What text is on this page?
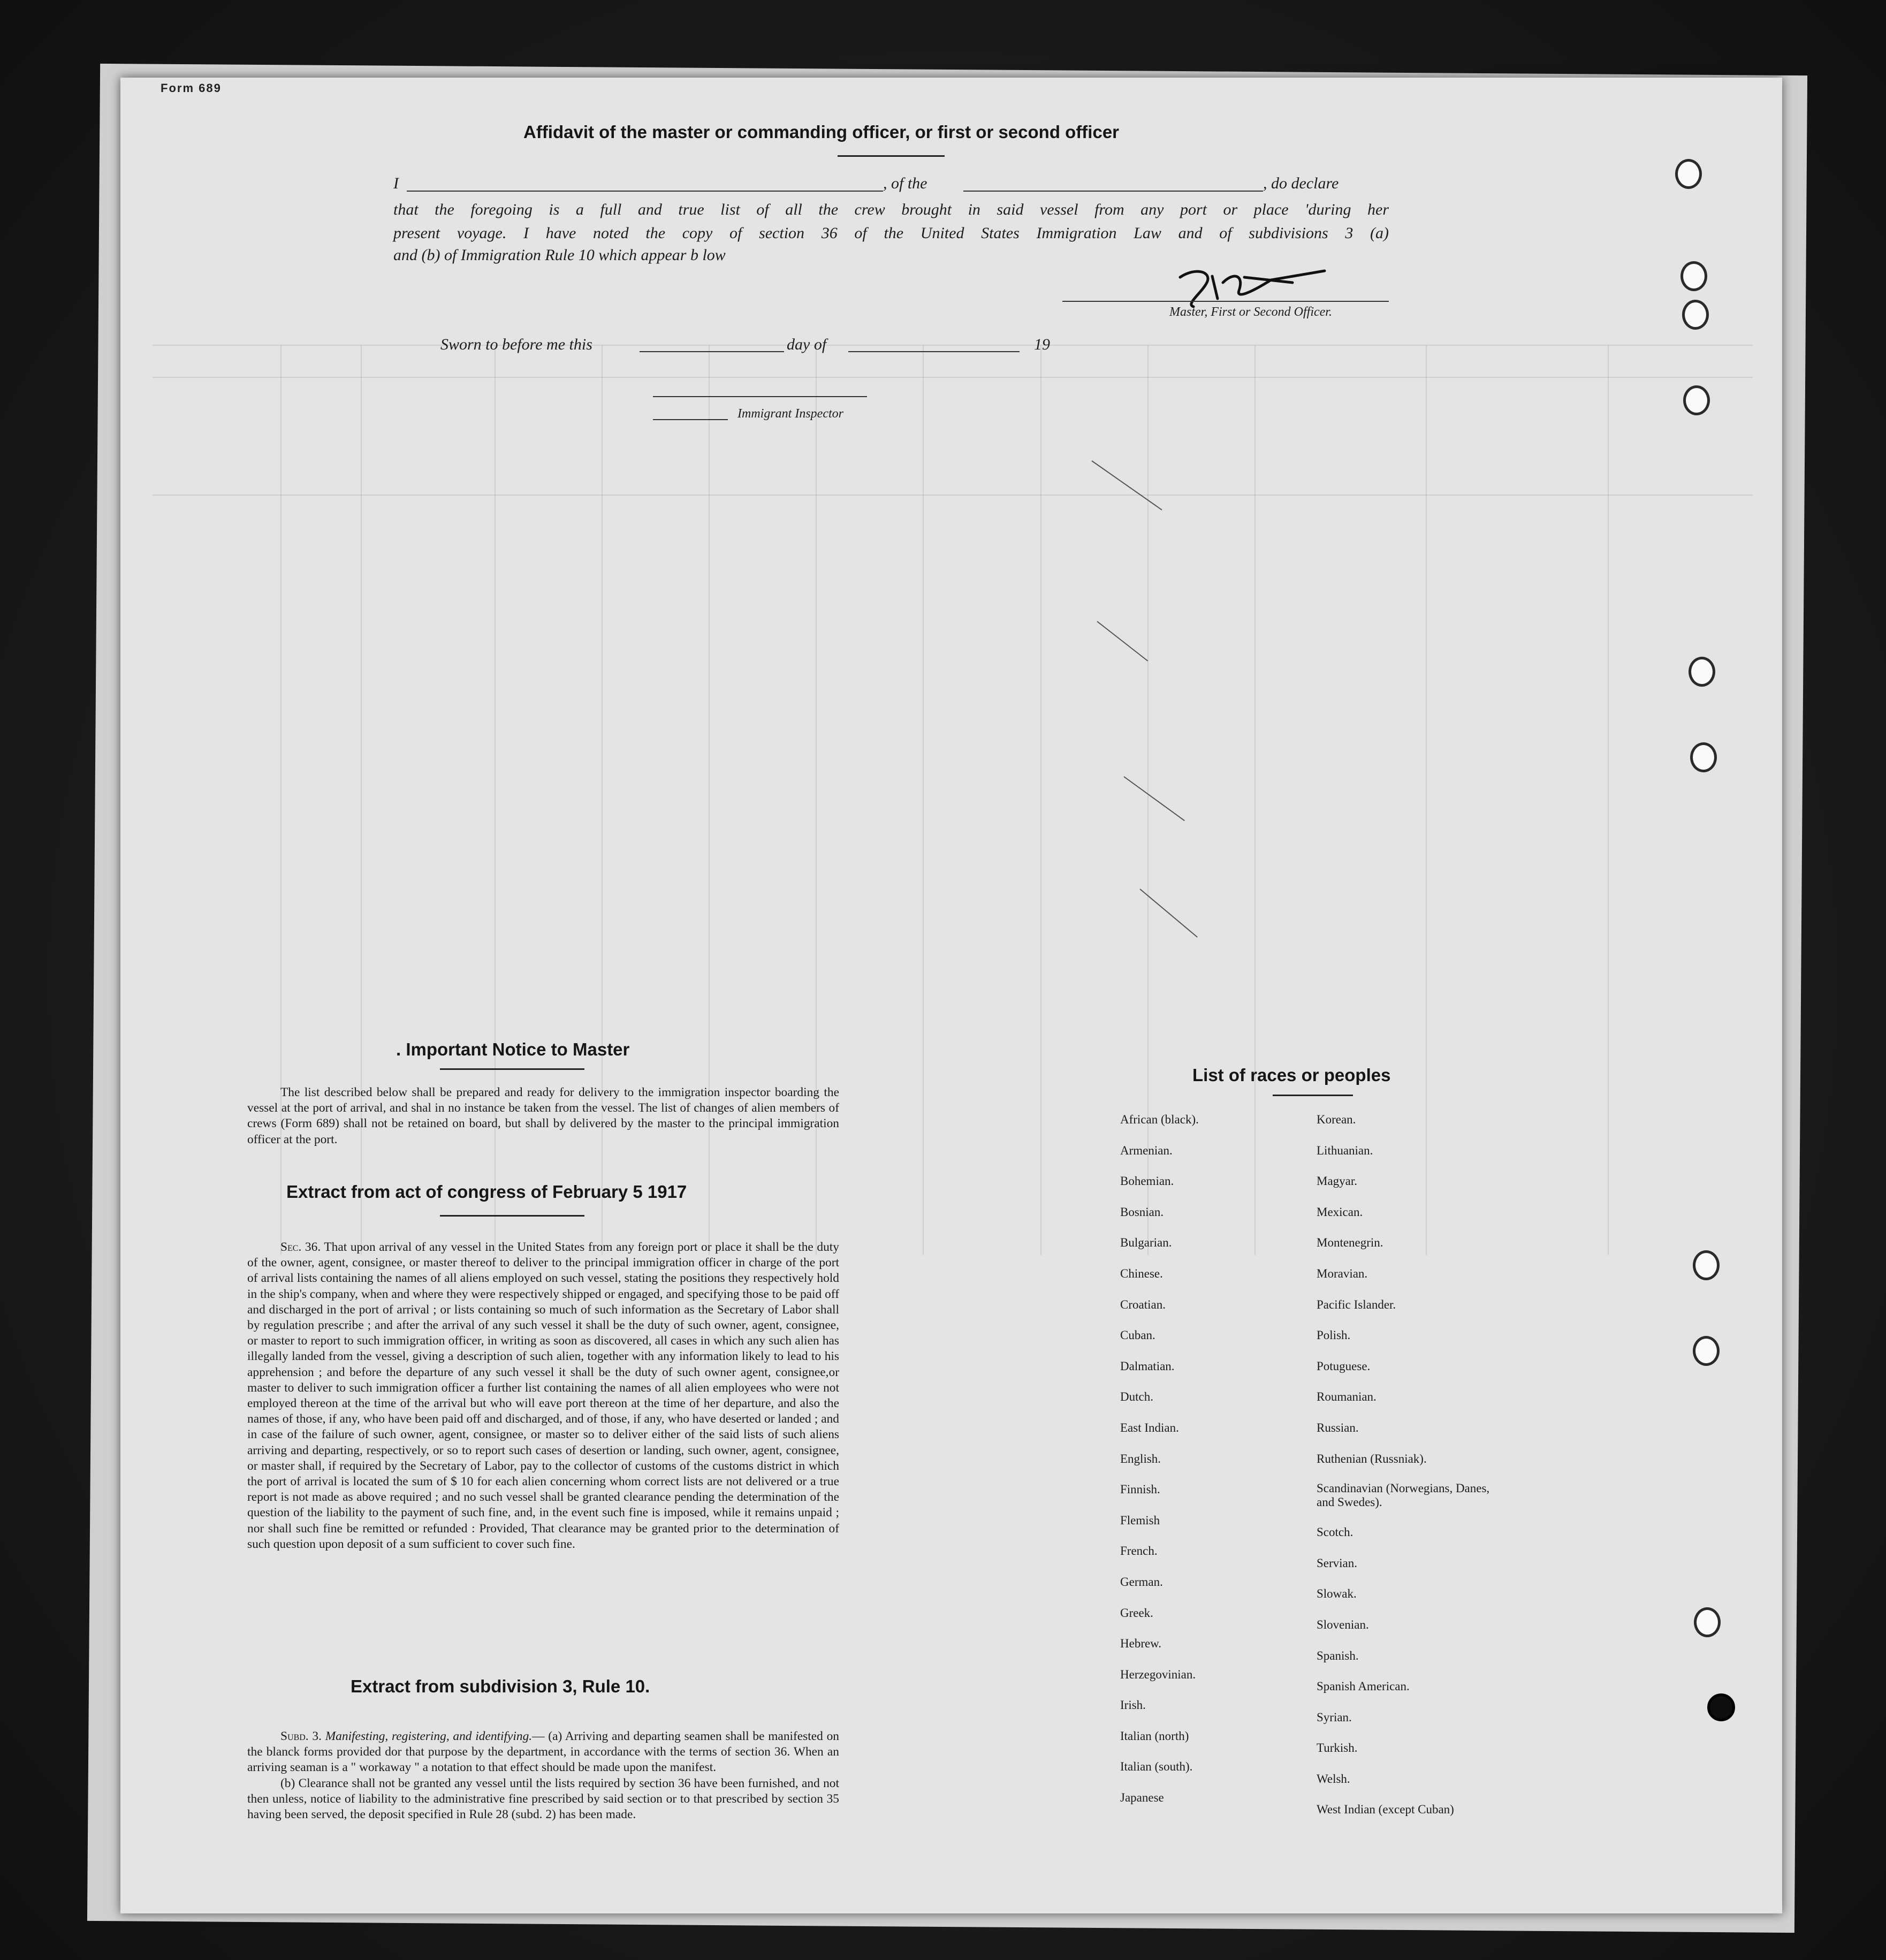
Form 689
Affidavit of the master or commanding officer, or first or second officer
I	, of the	, do declare
that the foregoing is a full and true list of all the crew brought in said vessel from any port or place 'during her
present voyage. I have noted the copy of section 36 of the United States Immigration Law and of subdivisions 3 (a)
and (b) of Immigration Rule 10 which appear b low
Master, First or Second Officer.
Sworn to before me this	day of	19
Immigrant Inspector
. Important Notice to Master

The list described below shall be prepared and ready for delivery to the immigration inspector boarding the vessel at the port of arrival, and shal in no instance be taken from the vessel. The list of changes of alien members of crews (Form 689) shall not be retained on board, but shall by delivered by the master to the principal immigration officer at the port.

Extract from act of congress of February 5 1917

Sec. 36. That upon arrival of any vessel in the United States from any foreign port or place it shall be the duty of the owner, agent, consignee, or master thereof to deliver to the principal immigration officer in charge of the port of arrival lists containing the names of all aliens employed on such vessel, stating the positions they respectively hold in the ship's company, when and where they were respectively shipped or engaged, and specifying those to be paid off and discharged in the port of arrival ; or lists containing so much of such information as the Secretary of Labor shall by regulation prescribe ; and after the arrival of any such vessel it shall be the duty of such owner, agent, consignee, or master to report to such immigration officer, in writing as soon as discovered, all cases in which any such alien has illegally landed from the vessel, giving a description of such alien, together with any information likely to lead to his apprehension ; and before the departure of any such vessel it shall be the duty of such owner agent, consignee,or master to deliver to such immigration officer a further list containing the names of all alien employees who were not employed thereon at the time of the arrival but who will eave port thereon at the time of her departure, and also the names of those, if any, who have been paid off and discharged, and of those, if any, who have deserted or landed ; and in case of the failure of such owner, agent, consignee, or master so to deliver either of the said lists of such aliens arriving and departing, respectively, or so to report such cases of desertion or landing, such owner, agent, consignee, or master shall, if required by the Secretary of Labor, pay to the collector of customs of the customs district in which the port of arrival is located the sum of $ 10 for each alien concerning whom correct lists are not delivered or a true report is not made as above required ; and no such vessel shall be granted clearance pending the determination of the question of the liability to the payment of such fine, and, in the event such fine is imposed, while it remains unpaid ; nor shall such fine be remitted or refunded : Provided, That clearance may be granted prior to the determination of such question upon deposit of a sum sufficient to cover such fine.

Extract from subdivision 3, Rule 10.

Subd. 3. Manifesting, registering, and identifying.— (a) Arriving and departing seamen shall be manifested on the blanck forms provided dor that purpose by the department, in accordance with the terms of section 36. When an arriving seaman is a " workaway " a notation to that effect should be made upon the manifest.

(b) Clearance shall not be granted any vessel until the lists required by section 36 have been furnished, and not then unless, notice of liability to the administrative fine prescribed by said section or to that prescribed by section 35 having been served, the deposit specified in Rule 28 (subd. 2) has been made.

List of races or peoples
African (black).
Armenian.
Bohemian.
Bosnian.
Bulgarian.
Chinese.
Croatian.
Cuban.
Dalmatian.
Dutch.
East Indian.
English.
Finnish.
Flemish
French.
German.
Greek.
Hebrew.
Herzegovinian.
Irish.
Italian (north)
Italian (south).
Japanese
Korean.
Lithuanian.
Magyar.
Mexican.
Montenegrin.
Moravian.
Pacific Islander.
Polish.
Potuguese.
Roumanian.
Russian.
Ruthenian (Russniak).
Scandinavian (Norwegians, Danes, and Swedes).
Scotch.
Servian.
Slowak.
Slovenian.
Spanish.
Spanish American.
Syrian.
Turkish.
Welsh.
West Indian (except Cuban)
